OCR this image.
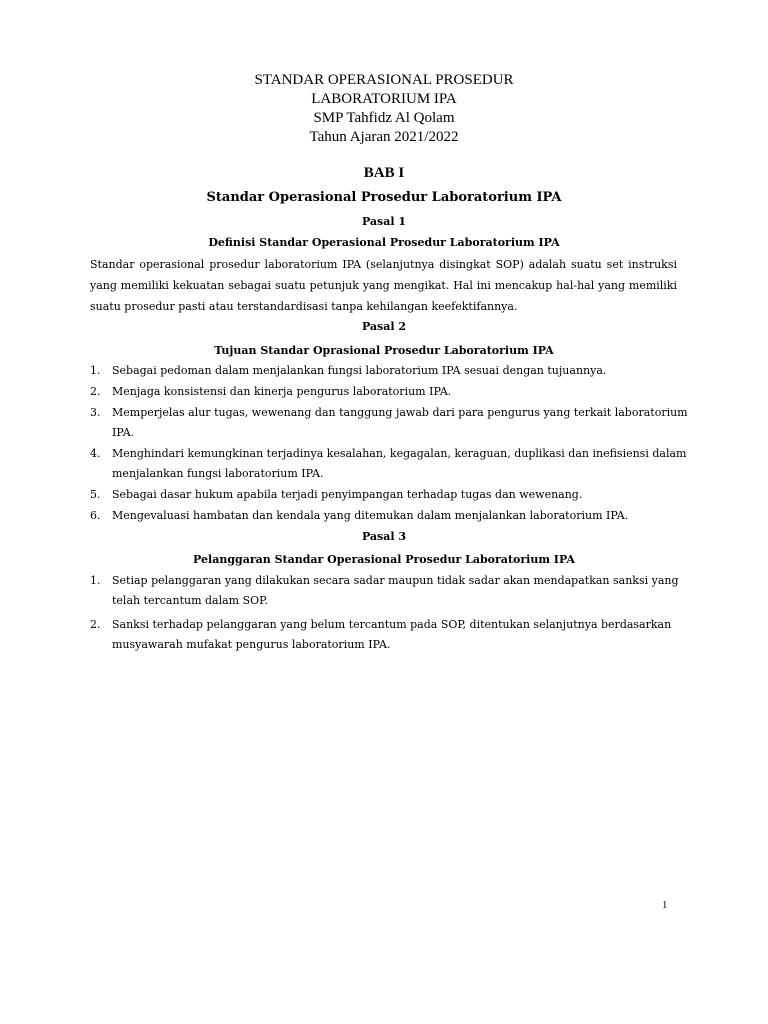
STANDAR OPERASIONAL PROSEDUR
LABORATORIUM IPA
SMP Tahfidz Al Qolam
Tahun Ajaran 2021/2022
BAB I
Standar Operasional Prosedur Laboratorium IPA
Pasal 1
Definisi Standar Operasional Prosedur Laboratorium IPA
Standar operasional prosedur laboratorium IPA (selanjutnya disingkat SOP) adalah suatu set instruksi yang memiliki kekuatan sebagai suatu petunjuk yang mengikat. Hal ini mencakup hal-hal yang memiliki suatu prosedur pasti atau terstandardisasi tanpa kehilangan keefektifannya.
Pasal 2
Tujuan Standar Oprasional Prosedur Laboratorium IPA
1. Sebagai pedoman dalam menjalankan fungsi laboratorium IPA sesuai dengan tujuannya.
2. Menjaga konsistensi dan kinerja pengurus laboratorium IPA.
3. Memperjelas alur tugas, wewenang dan tanggung jawab dari para pengurus yang terkait laboratorium IPA.
4. Menghindari kemungkinan terjadinya kesalahan, kegagalan, keraguan, duplikasi dan inefisiensi dalam menjalankan fungsi laboratorium IPA.
5. Sebagai dasar hukum apabila terjadi penyimpangan terhadap tugas dan wewenang.
6. Mengevaluasi hambatan dan kendala yang ditemukan dalam menjalankan laboratorium IPA.
Pasal 3
Pelanggaran Standar Operasional Prosedur Laboratorium IPA
1. Setiap pelanggaran yang dilakukan secara sadar maupun tidak sadar akan mendapatkan sanksi yang telah tercantum dalam SOP.
2. Sanksi terhadap pelanggaran yang belum tercantum pada SOP, ditentukan selanjutnya berdasarkan musyawarah mufakat pengurus laboratorium IPA.
1
